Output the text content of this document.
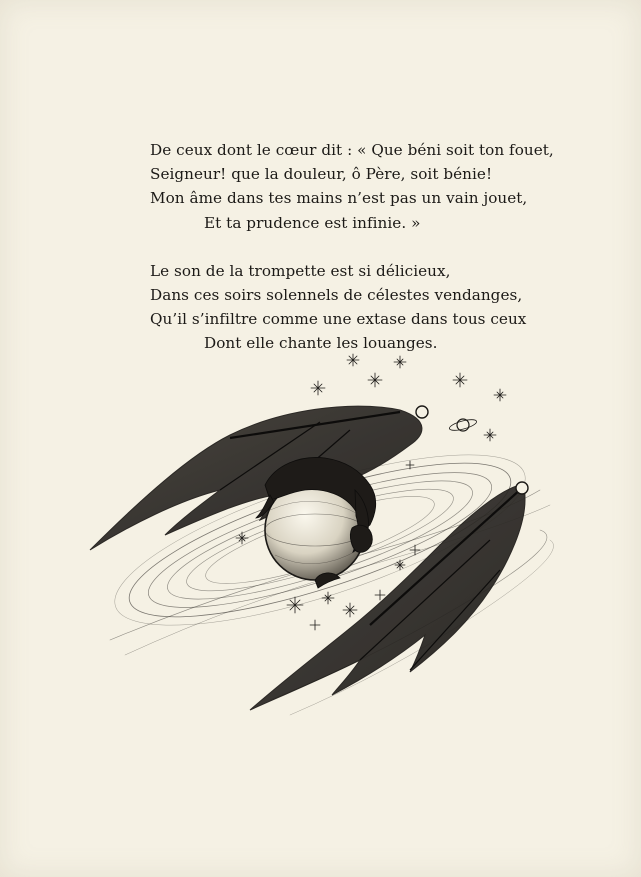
De ceux dont le cœur dit : « Que béni soit ton fouet,
Seigneur! que la douleur, ô Père, soit bénie!
Mon âme dans tes mains n’est pas un vain jouet,
Et ta prudence est infinie. »
Le son de la trompette est si délicieux,
Dans ces soirs solennels de célestes vendanges,
Qu’il s’infiltre comme une extase dans tous ceux
Dont elle chante les louanges.
